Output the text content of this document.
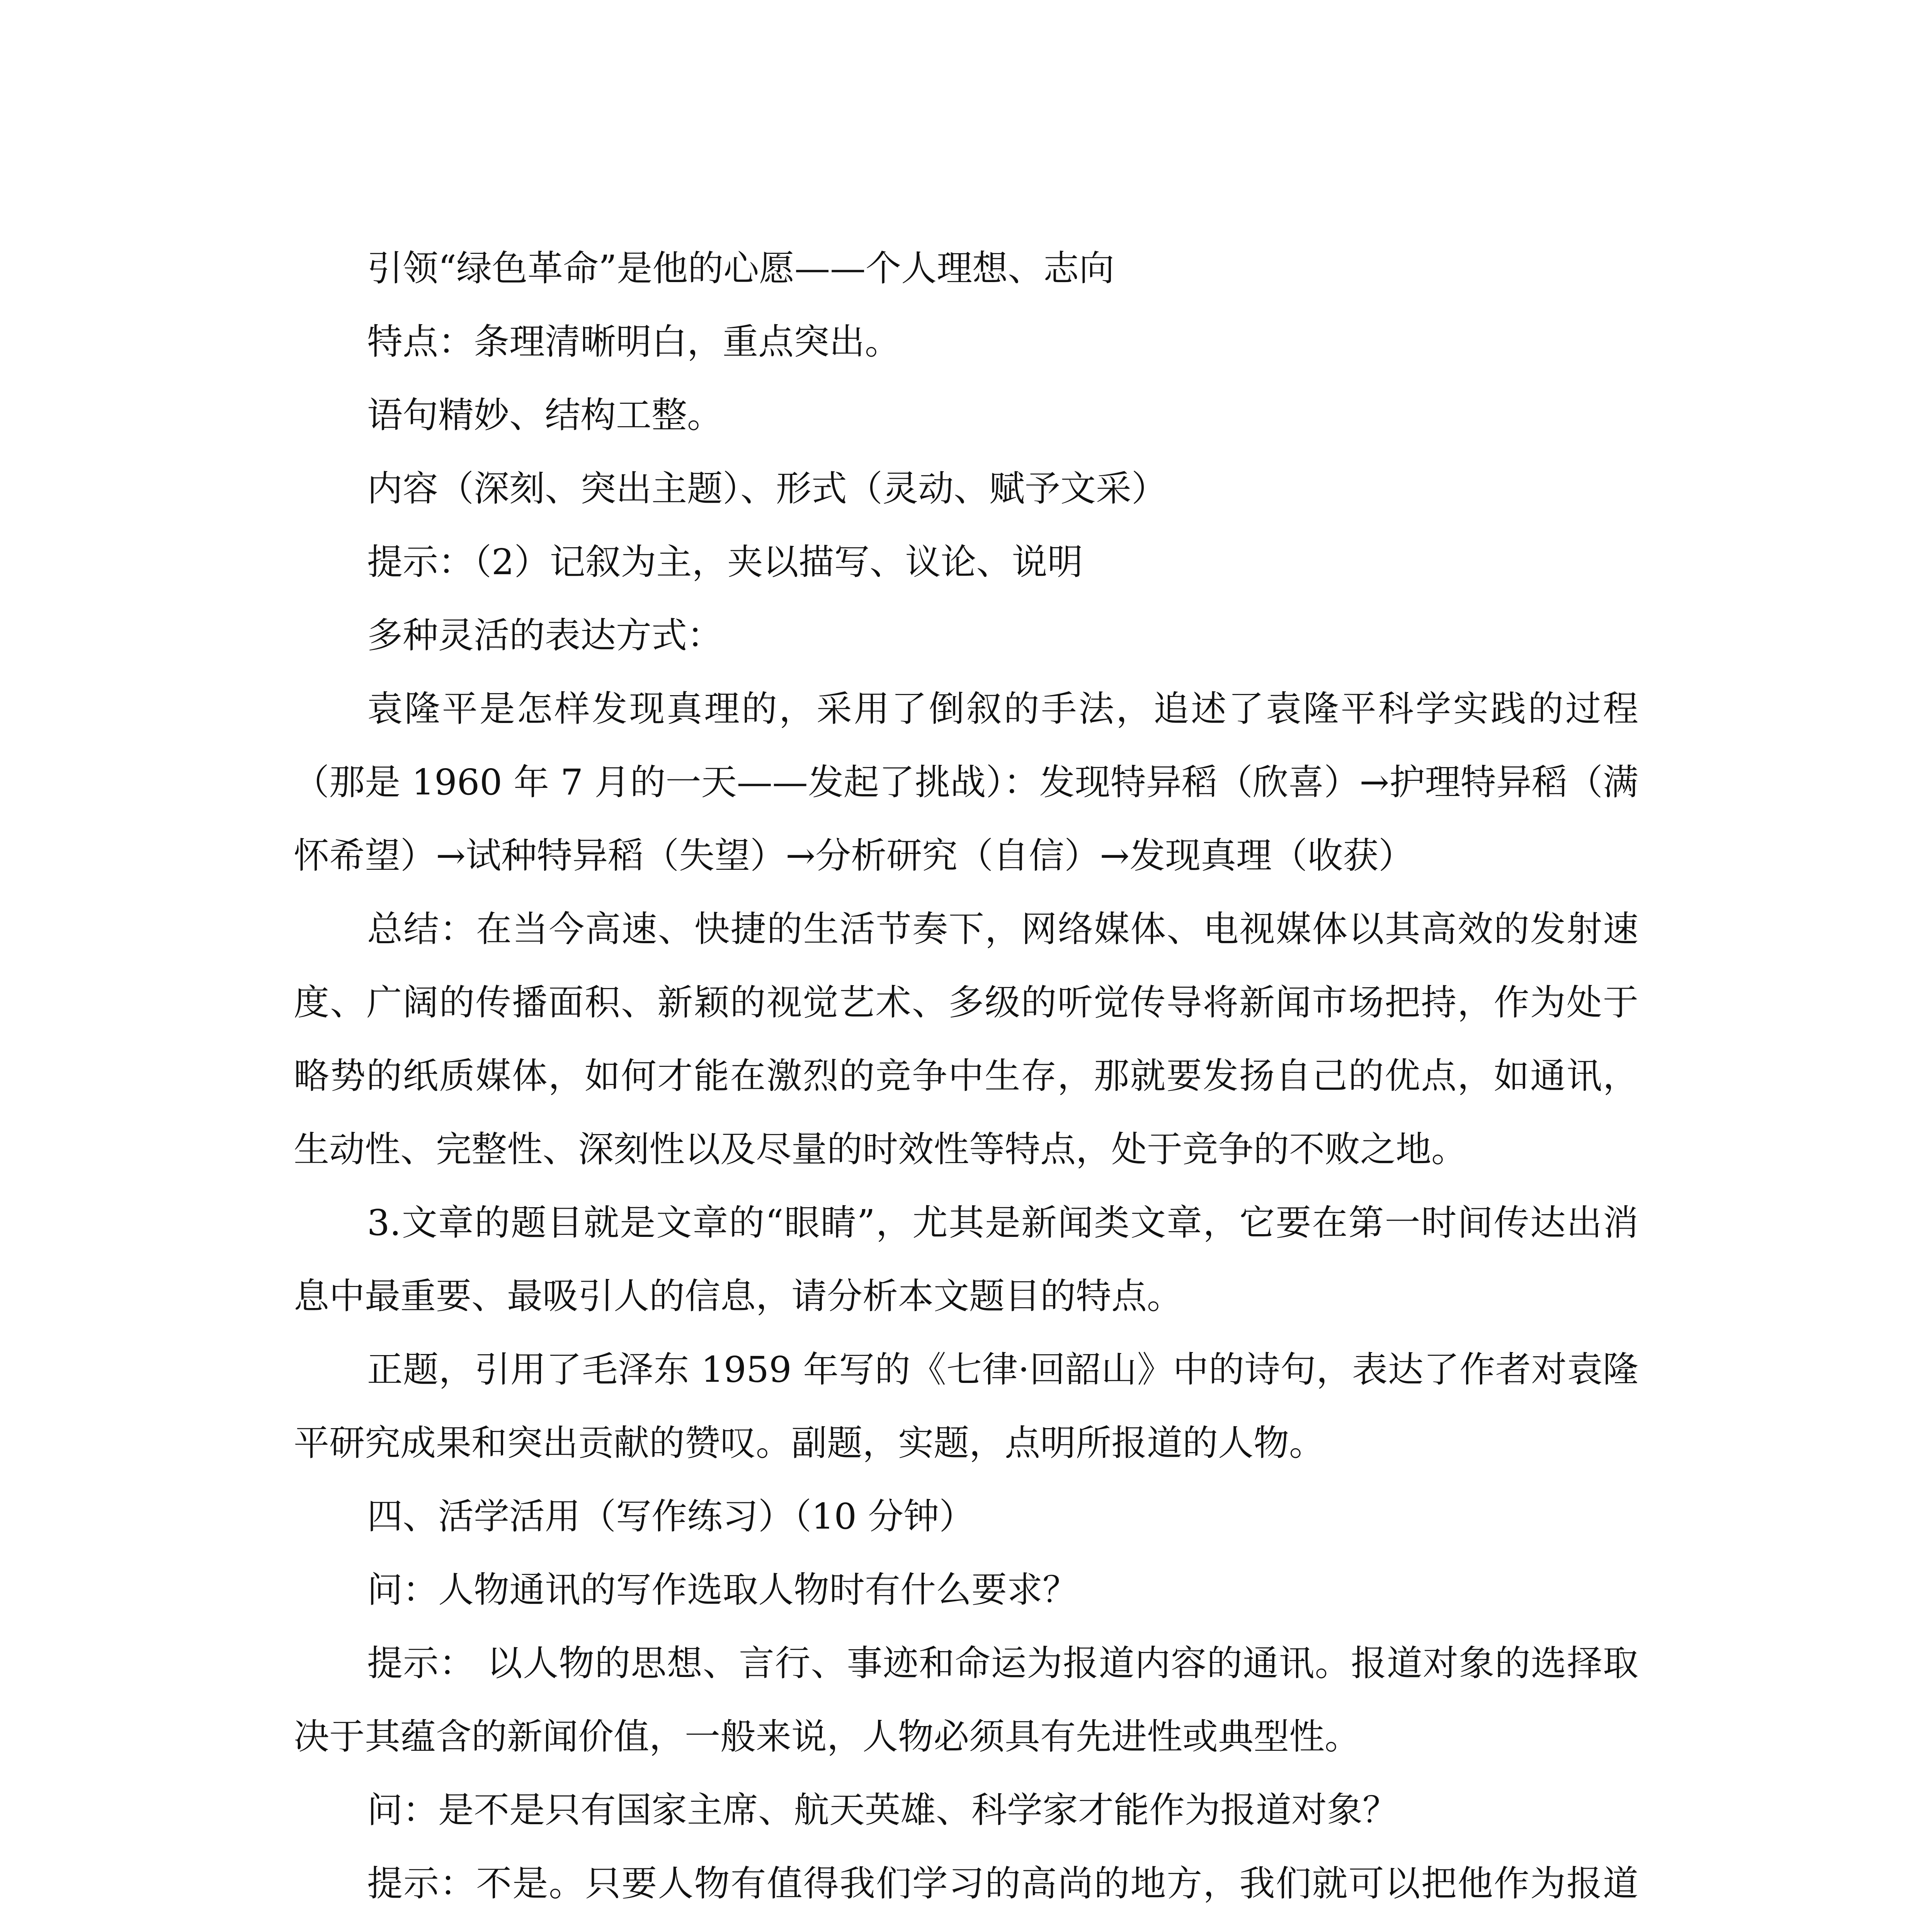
引领“绿色革命”是他的心愿——个人理想、志向

特点：条理清晰明白，重点突出。

语句精妙、结构工整。

内容（深刻、突出主题）、形式（灵动、赋予文采）

提示：（2）记叙为主，夹以描写、议论、说明

多种灵活的表达方式：

袁隆平是怎样发现真理的，采用了倒叙的手法，追述了袁隆平科学实践的过程（那是 1960 年 7 月的一天——发起了挑战）：发现特异稻（欣喜）→护理特异稻（满怀希望）→试种特异稻（失望）→分析研究（自信）→发现真理（收获）

总结：在当今高速、快捷的生活节奏下，网络媒体、电视媒体以其高效的发射速度、广阔的传播面积、新颖的视觉艺术、多级的听觉传导将新闻市场把持，作为处于略势的纸质媒体，如何才能在激烈的竞争中生存，那就要发扬自己的优点，如通讯，生动性、完整性、深刻性以及尽量的时效性等特点，处于竞争的不败之地。

3.文章的题目就是文章的“眼睛”，尤其是新闻类文章，它要在第一时间传达出消息中最重要、最吸引人的信息，请分析本文题目的特点。

正题，引用了毛泽东 1959 年写的《七律·回韶山》中的诗句，表达了作者对袁隆平研究成果和突出贡献的赞叹。副题，实题，点明所报道的人物。

四、活学活用（写作练习）（10 分钟）

问：人物通讯的写作选取人物时有什么要求？

提示： 以人物的思想、言行、事迹和命运为报道内容的通讯。报道对象的选择取决于其蕴含的新闻价值，一般来说，人物必须具有先进性或典型性。

问：是不是只有国家主席、航天英雄、科学家才能作为报道对象？

提示：不是。只要人物有值得我们学习的高尚的地方，我们就可以把他作为报道
